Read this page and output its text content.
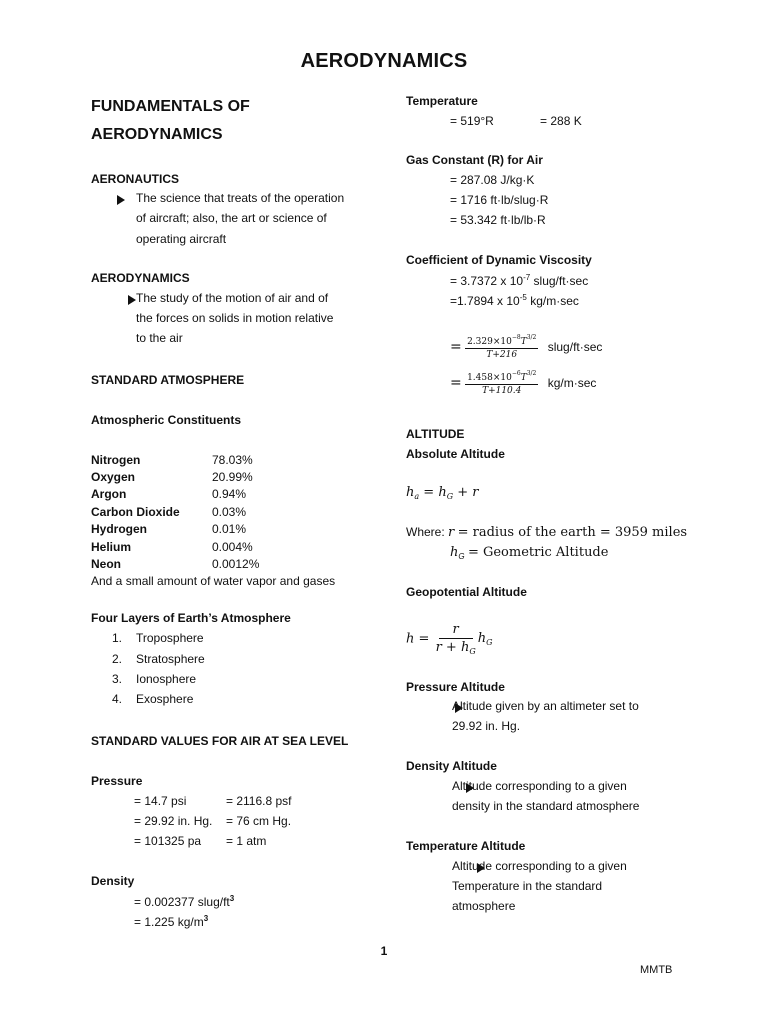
AERODYNAMICS
FUNDAMENTALS OF
AERODYNAMICS
AERONAUTICS

The science that treats of the operation
of aircraft; also, the art or science of
operating aircraft
AERODYNAMICS

The study of the motion of air and of
the forces on solids in motion relative
to the air
STANDARD ATMOSPHERE
Atmospheric Constituents
Nitrogen	78.03%
Oxygen	20.99%
Argon	0.94%
Carbon Dioxide	0.03%
Hydrogen	0.01%
Helium	0.004%
Neon	0.0012%
And a small amount of water vapor and gases
Four Layers of Earth’s Atmosphere
1. Troposphere
2. Stratosphere
3. Ionosphere
4. Exosphere
STANDARD VALUES FOR AIR AT SEA LEVEL
Pressure
= 14.7 psi	= 2116.8 psf
= 29.92 in. Hg. = 76 cm Hg.
= 101325 pa = 1 atm
Density
= 0.002377 slug/$ft^3$
= 1.225 $kg/m^3$
Temperature
= 519°R	= 288 K
Gas Constant (R) for Air
= 287.08 J/kg·K
= 1716 ft·lb/slug·R
= 53.342 ft·lb/lb·R
Coefficient of Dynamic Viscosity
= 3.7372 x $10^{-7}$ slug/ft·sec
=1.7894 x $10^{-5}$ kg/m·sec
= $\frac{2.329\times 10^{-8}T^{3/2}}{T+216}$ slug/ft·sec
= $\frac{1.458\times 10^{-6}T^{3/2}}{T+110.4} kg/m\cdot\sec$
ALTITUDE
Absolute Altitude
$h_a = h_G + r$
Where: r = radius of the earth = 3959 miles
$h_G$ = Geometric Altitude
Geopotential Altitude
$h = \frac{r}{r + h_G} h_G$
Pressure Altitude

Altitude given by an altimeter set to
29.92 in. Hg.
Density Altitude

Altitude corresponding to a given
density in the standard atmosphere
Temperature Altitude
Altitude corresponding to a given
Temperature in the standard
atmosphere
1
MMTB
